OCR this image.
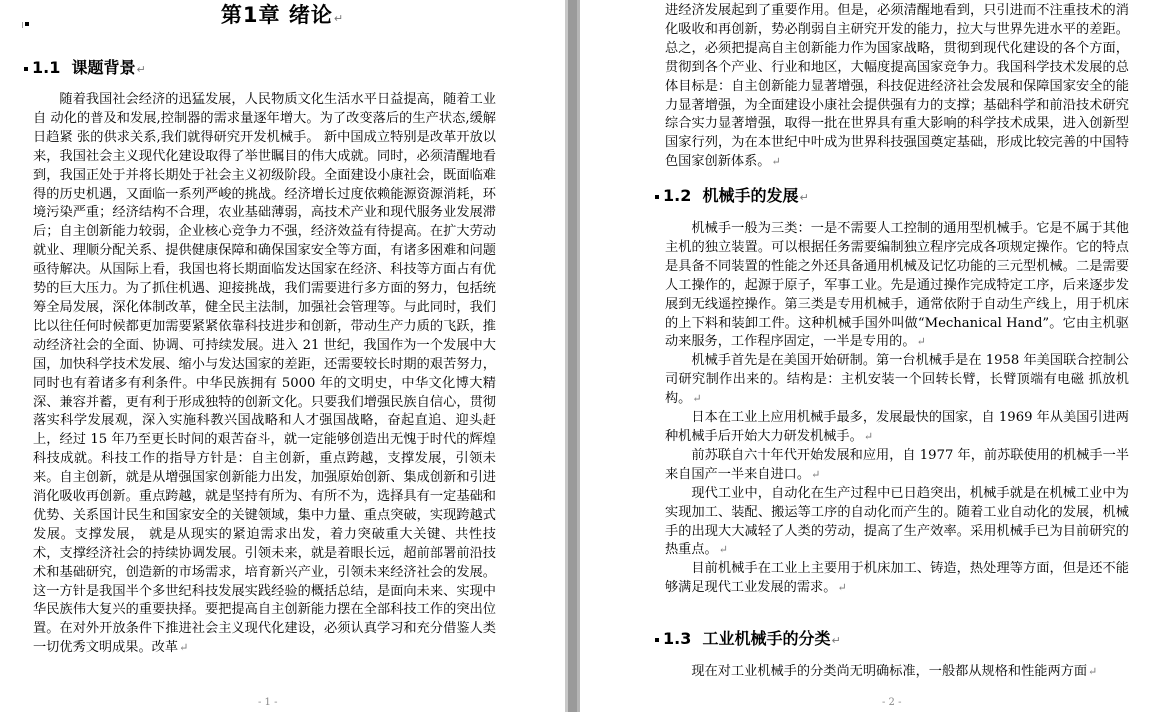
第1章 绪论↵
1.1 课题背景↵

随着我国社会经济的迅猛发展，人民物质文化生活水平日益提高，随着工业自 动化的普及和发展,控制器的需求量逐年增大。为了改变落后的生产状态,缓解日趋紧 张的供求关系,我们就得研究开发机械手。 新中国成立特别是改革开放以来，我国社会主义现代化建设取得了举世瞩目的伟大成就。同时，必须清醒地看到，我国正处于并将长期处于社会主义初级阶段。全面建设小康社会，既面临难得的历史机遇，又面临一系列严峻的挑战。经济增长过度依赖能源资源消耗，环境污染严重；经济结构不合理，农业基础薄弱，高技术产业和现代服务业发展滞后；自主创新能力较弱，企业核心竞争力不强，经济效益有待提高。在扩大劳动就业、理顺分配关系、提供健康保障和确保国家安全等方面，有诸多困难和问题亟待解决。从国际上看，我国也将长期面临发达国家在经济、科技等方面占有优势的巨大压力。为了抓住机遇、迎接挑战，我们需要进行多方面的努力，包括统筹全局发展，深化体制改革，健全民主法制，加强社会管理等。与此同时，我们比以往任何时候都更加需要紧紧依靠科技进步和创新，带动生产力质的飞跃，推动经济社会的全面、协调、可持续发展。进入 21 世纪，我国作为一个发展中大国，加快科学技术发展、缩小与发达国家的差距，还需要较长时期的艰苦努力，同时也有着诸多有利条件。中华民族拥有 5000 年的文明史，中华文化博大精深、兼容并蓄，更有利于形成独特的创新文化。只要我们增强民族自信心，贯彻落实科学发展观，深入实施科教兴国战略和人才强国战略，奋起直追、迎头赶上，经过 15 年乃至更长时间的艰苦奋斗，就一定能够创造出无愧于时代的辉煌科技成就。科技工作的指导方针是：自主创新，重点跨越，支撑发展，引领未来。自主创新，就是从增强国家创新能力出发，加强原始创新、集成创新和引进消化吸收再创新。重点跨越，就是坚持有所为、有所不为，选择具有一定基础和优势、关系国计民生和国家安全的关键领域，集中力量、重点突破，实现跨越式发展。支撑发展， 就是从现实的紧迫需求出发，着力突破重大关键、共性技术，支撑经济社会的持续协调发展。引领未来，就是着眼长远，超前部署前沿技术和基础研究，创造新的市场需求，培育新兴产业，引领未来经济社会的发展。这一方针是我国半个多世纪科技发展实践经验的概括总结，是面向未来、实现中华民族伟大复兴的重要抉择。要把提高自主创新能力摆在全部科技工作的突出位置。在对外开放条件下推进社会主义现代化建设，必须认真学习和充分借鉴人类一切优秀文明成果。改革↵

- 1 -

进经济发展起到了重要作用。但是，必须清醒地看到，只引进而不注重技术的消化吸收和再创新，势必削弱自主研究开发的能力，拉大与世界先进水平的差距。总之，必须把提高自主创新能力作为国家战略，贯彻到现代化建设的各个方面，贯彻到各个产业、行业和地区，大幅度提高国家竞争力。我国科学技术发展的总体目标是：自主创新能力显著增强，科技促进经济社会发展和保障国家安全的能力显著增强，为全面建设小康社会提供强有力的支撑；基础科学和前沿技术研究综合实力显著增强，取得一批在世界具有重大影响的科学技术成果，进入创新型国家行列，为在本世纪中叶成为世界科技强国奠定基础，形成比较完善的中国特色国家创新体系。↵

1.2 机械手的发展↵

机械手一般为三类：一是不需要人工控制的通用型机械手。它是不属于其他主机的独立装置。可以根据任务需要编制独立程序完成各项规定操作。它的特点是具备不同装置的性能之外还具备通用机械及记忆功能的三元型机械。二是需要人工操作的，起源于原子，军事工业。先是通过操作完成特定工序，后来逐步发展到无线遥控操作。第三类是专用机械手，通常依附于自动生产线上，用于机床的上下料和装卸工件。这种机械手国外叫做“Mechanical Hand”。它由主机驱动来服务，工作程序固定，一半是专用的。↵

机械手首先是在美国开始研制。第一台机械手是在 1958 年美国联合控制公司研究制作出来的。结构是：主机安装一个回转长臂，长臂顶端有电磁 抓放机构。↵

日本在工业上应用机械手最多，发展最快的国家，自 1969 年从美国引进两种机械手后开始大力研发机械手。↵

前苏联自六十年代开始发展和应用，自 1977 年，前苏联使用的机械手一半来自国产一半来自进口。↵

现代工业中，自动化在生产过程中已日趋突出，机械手就是在机械工业中为实现加工、装配、搬运等工序的自动化而产生的。随着工业自动化的发展，机械手的出现大大减轻了人类的劳动，提高了生产效率。采用机械手已为目前研究的热重点。↵

目前机械手在工业上主要用于机床加工、铸造，热处理等方面，但是还不能够满足现代工业发展的需求。↵

1.3 工业机械手的分类↵

现在对工业机械手的分类尚无明确标准，一般都从规格和性能两方面↵

- 2 -
